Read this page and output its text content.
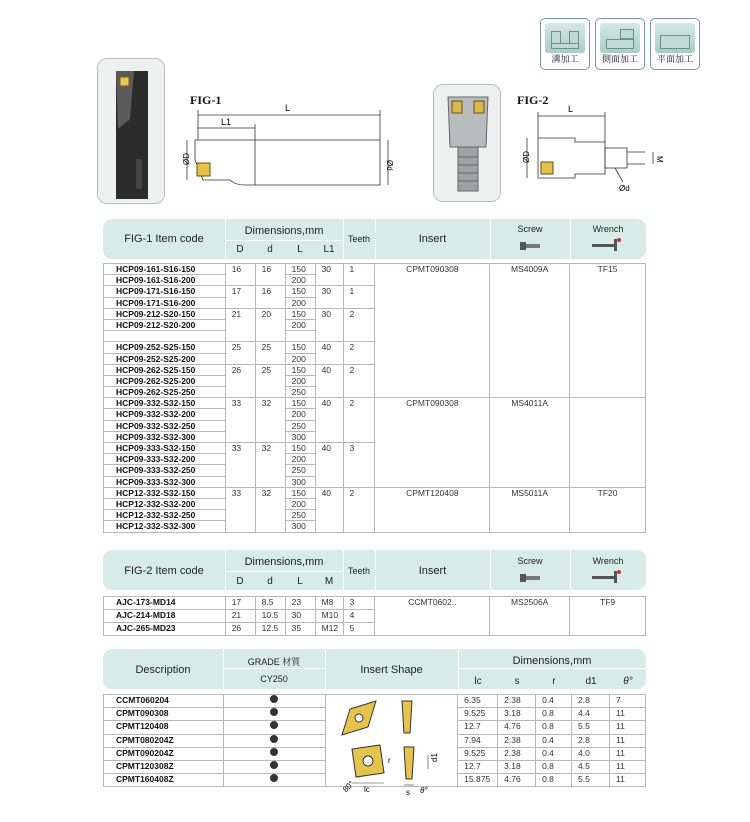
溝加工	側面加工	平面加工
FIG-1
L
L1
ØD
Ød
FIG-2
L
ØD
Ød
M
FIG-1 Item code
Dimensions,mm
D	d	L	L1
Teeth	Insert
Screw	Wrench
HCP09-161-S16-150	16	16	150	30	1	CPMT090308	MS4009A	TF15
HCP09-161-S16-200			200					
HCP09-171-S16-150	17	16	150	30	1			
HCP09-171-S16-200			200					
HCP09-212-S20-150	21	20	150	30	2			
HCP09-212-S20-200			200					

HCP09-252-S25-150	25	25	150	40	2			
HCP09-252-S25-200			200					
HCP09-262-S25-150	26	25	150	40	2			
HCP09-262-S25-200			200					
HCP09-262-S25-250			250					
HCP09-332-S32-150	33	32	150	40	2	CPMT090308	MS4011A	
HCP09-332-S32-200			200					
HCP09-332-S32-250			250					
HCP09-332-S32-300			300					
HCP09-333-S32-150	33	32	150	40	3			
HCP09-333-S32-200			200					
HCP09-333-S32-250			250					
HCP09-333-S32-300			300					
HCP12-332-S32-150	33	32	150	40	2	CPMT120408	MS5011A	TF20
HCP12-332-S32-200			200					
HCP12-332-S32-250			250					
HCP12-332-S32-300			300					
FIG-2 Item code
Dimensions,mm
D	d	L	M
Teeth	Insert
Screw	Wrench
AJC-173-MD14	17	8.5	23	M8	3	CCMT0602..	MS2506A	TF9
AJC-214-MD18	21	10.5	30	M10	4			
AJC-265-MD23	26	12.5	35	M12	5			
Description
GRADE 材質
CY250
Insert Shape
Dimensions,mm
lc	s	r	d1	θ°
CCMT060204			6.35	2.38	0.4	2.8	7
CPMT090308			9.525	3.18	0.8	4.4	11
CPMT120408			12.7	4.76	0.8	5.5	11
CPMT080204Z			7.94	2.38	0.4	2.8	11
CPMT090204Z			9.525	2.38	0.4	4.0	11
CPMT120308Z			12.7	3.18	0.8	4.5	11
CPMT160408Z			15.875	4.76	0.8	5.5	11
lc	s
r	d1
θ°
80°
